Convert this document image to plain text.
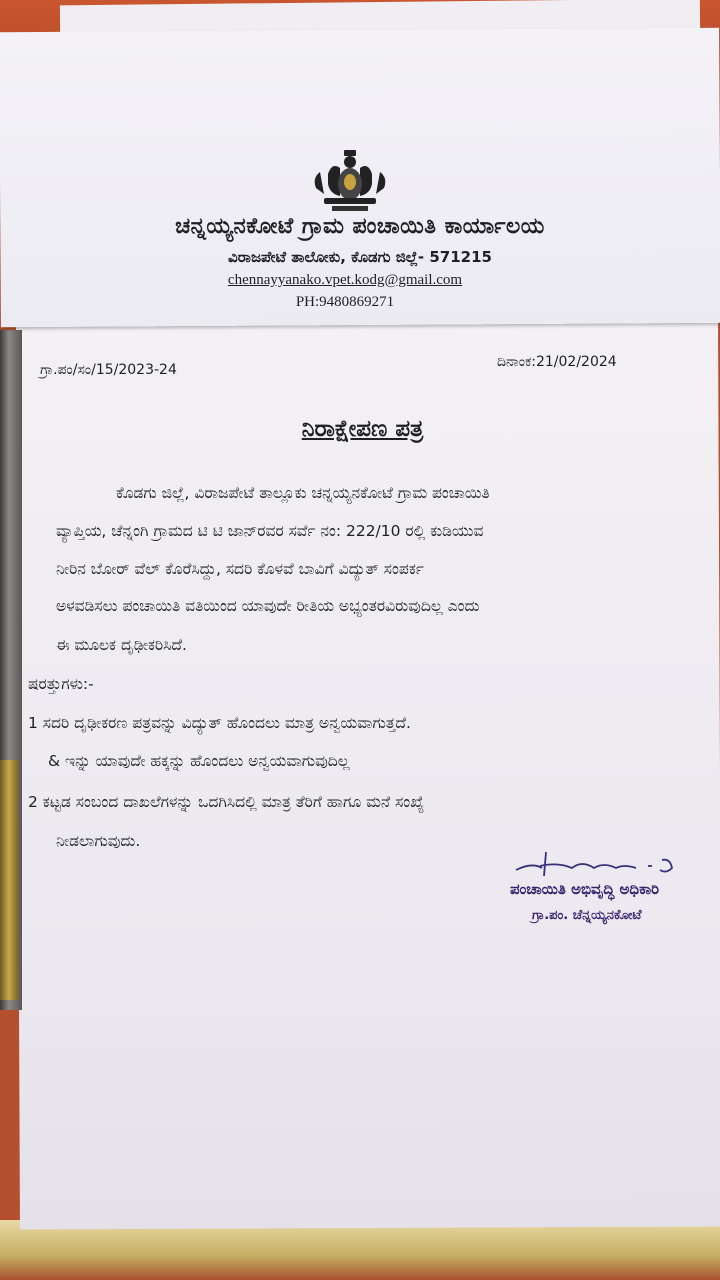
ಚನ್ನಯ್ಯನಕೋಟೆ ಗ್ರಾಮ ಪಂಚಾಯಿತಿ ಕಾರ್ಯಾಲಯ
ವಿರಾಜಪೇಟೆ ತಾಲೋಕು, ಕೊಡಗು ಜಿಲ್ಲೆ- 571215
chennayyanako.vpet.kodg@gmail.com
PH:9480869271
ಗ್ರಾ.ಪಂ/ಸಂ/15/2023-24	ದಿನಾಂಕ:21/02/2024
ನಿರಾಕ್ಷೇಪಣ ಪತ್ರ
ಕೊಡಗು ಜಿಲ್ಲೆ, ವಿರಾಜಪೇಟೆ ತಾಲ್ಲೂಕು ಚನ್ನಯ್ಯನಕೋಟೆ ಗ್ರಾಮ ಪಂಚಾಯಿತಿ
ವ್ಯಾಪ್ತಿಯ, ಚೆನ್ನಂಗಿ ಗ್ರಾಮದ ಟಿ ಟಿ ಜಾನ್‌ರವರ ಸರ್ವೆ ನಂ: 222/10 ರಲ್ಲಿ ಕುಡಿಯುವ
ನೀರಿನ ಬೋರ್ ವೆಲ್ ಕೊರೆಸಿದ್ದು, ಸದರಿ ಕೊಳವೆ ಬಾವಿಗೆ ವಿದ್ಯುತ್ ಸಂಪರ್ಕ
ಅಳವಡಿಸಲು ಪಂಚಾಯಿತಿ ವತಿಯಿಂದ ಯಾವುದೇ ರೀತಿಯ ಅಭ್ಯಂತರವಿರುವುದಿಲ್ಲ ಎಂದು
ಈ ಮೂಲಕ ದೃಢೀಕರಿಸಿದೆ.
ಷರತ್ತುಗಳು:-
1 ಸದರಿ ದೃಢೀಕರಣ ಪತ್ರವನ್ನು ವಿದ್ಯುತ್ ಹೊಂದಲು ಮಾತ್ರ ಅನ್ವಯವಾಗುತ್ತದೆ.
& ಇನ್ನು ಯಾವುದೇ ಹಕ್ಕನ್ನು ಹೊಂದಲು ಅನ್ವಯವಾಗುವುದಿಲ್ಲ
2 ಕಟ್ಟಡ ಸಂಬಂದ ದಾಖಲೆಗಳನ್ನು ಒದಗಿಸಿದಲ್ಲಿ ಮಾತ್ರ ತೆರಿಗೆ ಹಾಗೂ ಮನೆ ಸಂಖ್ಯೆ
ನೀಡಲಾಗುವುದು.
ಪಂಚಾಯಿತಿ ಅಭಿವೃದ್ಧಿ ಅಧಿಕಾರಿ
ಗ್ರಾ.ಪಂ. ಚೆನ್ನಯ್ಯನಕೋಟೆ
